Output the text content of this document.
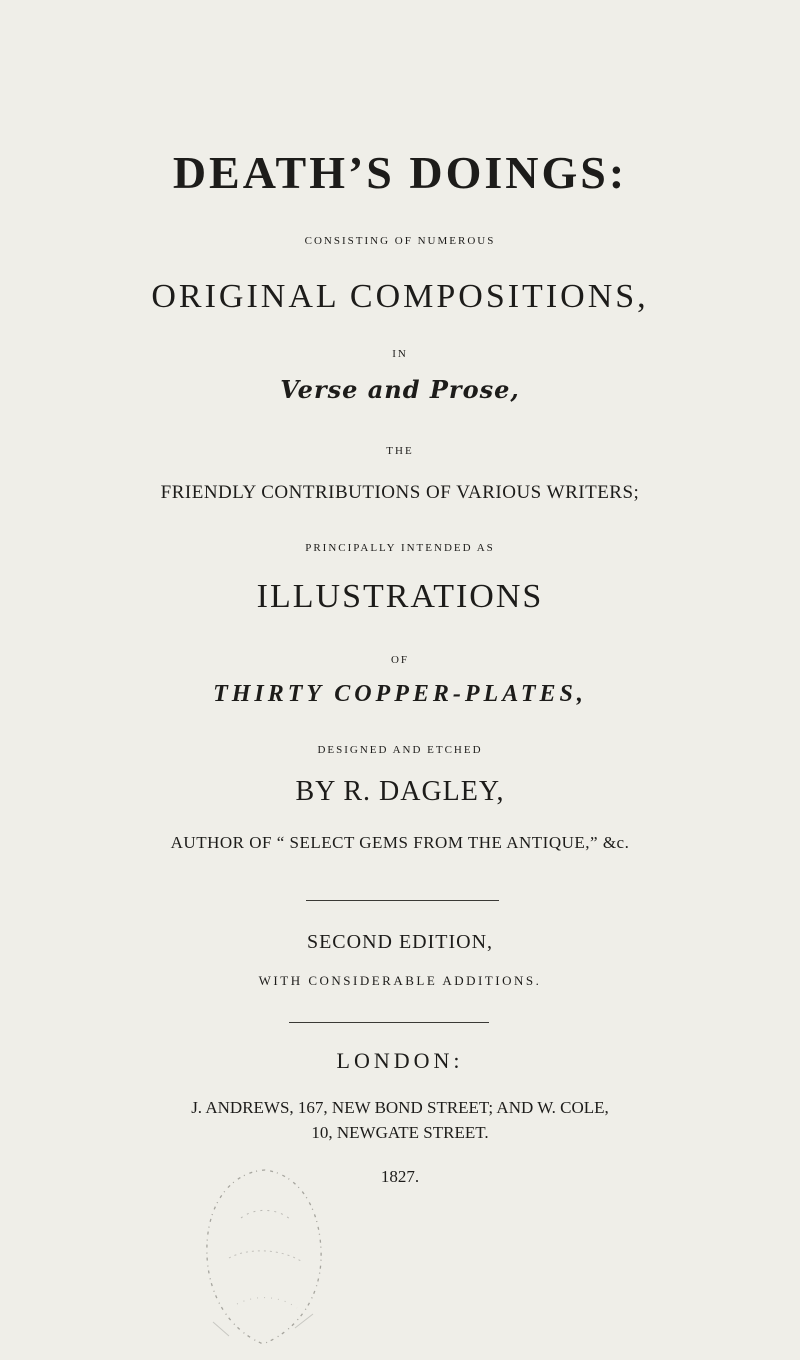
DEATH’S DOINGS:
CONSISTING OF NUMEROUS
ORIGINAL COMPOSITIONS,
IN
Verse and Prose,
THE
FRIENDLY CONTRIBUTIONS OF VARIOUS WRITERS;
PRINCIPALLY INTENDED AS
ILLUSTRATIONS
OF
THIRTY COPPER-PLATES,
DESIGNED AND ETCHED
BY R. DAGLEY,
AUTHOR OF “ SELECT GEMS FROM THE ANTIQUE,” &c.
SECOND EDITION,
WITH CONSIDERABLE ADDITIONS.
LONDON:
J. ANDREWS, 167, NEW BOND STREET; AND W. COLE,
10, NEWGATE STREET.
1827.
